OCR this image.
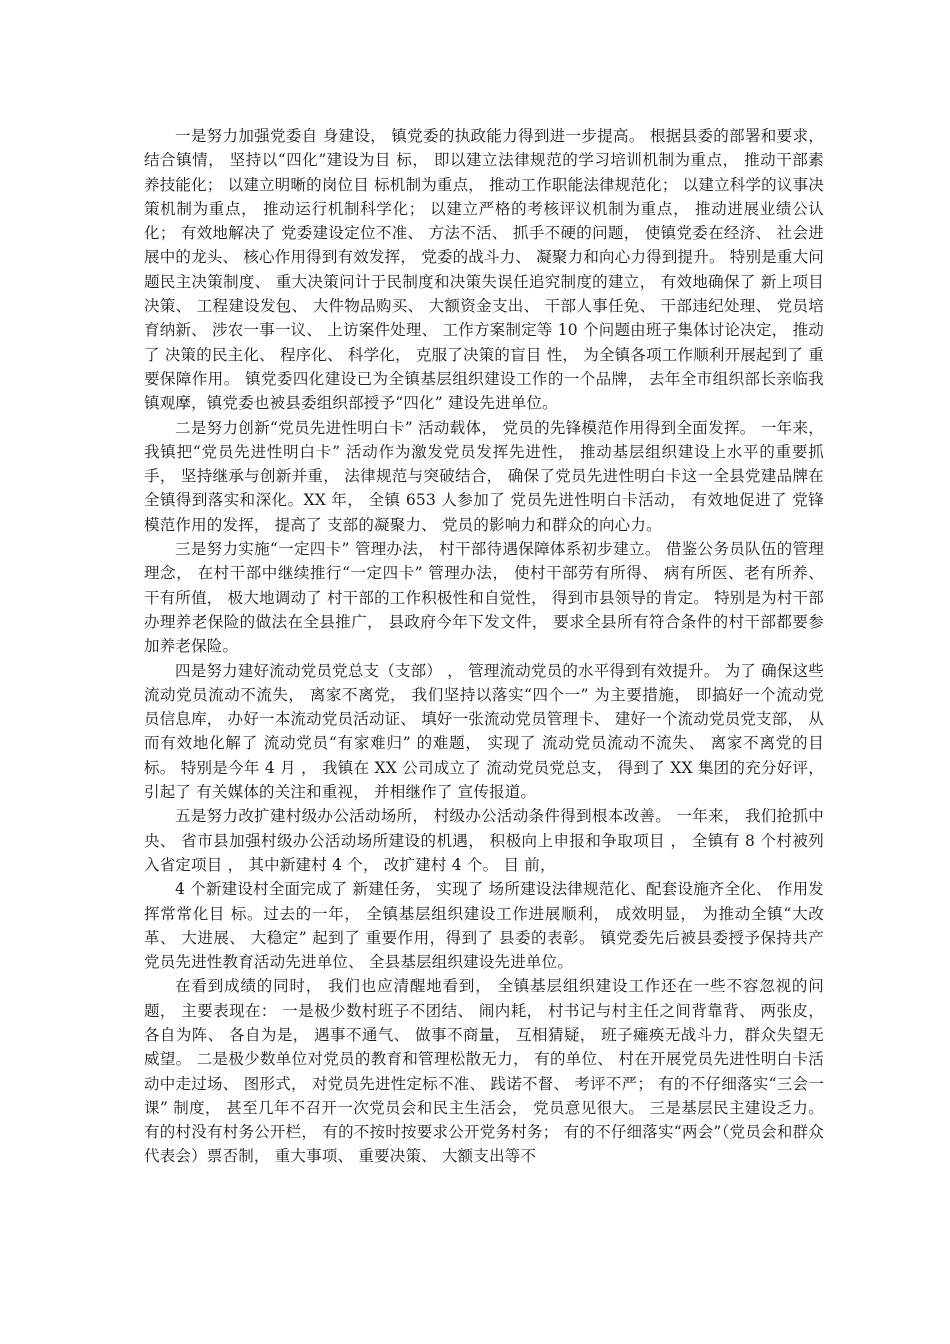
一是努力加强党委自 身建设， 镇党委的执政能力得到进一步提高。 根据县委的部署和要求， 结合镇情， 坚持以“四化”建设为目 标， 即以建立法律规范的学习培训机制为重点， 推动干部素养技能化； 以建立明晰的岗位目 标机制为重点， 推动工作职能法律规范化； 以建立科学的议事决策机制为重点， 推动运行机制科学化； 以建立严格的考核评议机制为重点， 推动进展业绩公认化； 有效地解决了 党委建设定位不准、 方法不活、 抓手不硬的问题， 使镇党委在经济、 社会进展中的龙头、 核心作用得到有效发挥， 党委的战斗力、 凝聚力和向心力得到提升。 特别是重大问题民主决策制度、 重大决策问计于民制度和决策失误任追究制度的建立， 有效地确保了 新上项目 决策、 工程建设发包、 大件物品购买、 大额资金支出、 干部人事任免、 干部违纪处理、 党员培育纳新、 涉农一事一议、 上访案件处理、 工作方案制定等 10 个问题由班子集体讨论决定， 推动了 决策的民主化、 程序化、 科学化， 克服了决策的盲目 性， 为全镇各项工作顺利开展起到了 重要保障作用。 镇党委四化建设已为全镇基层组织建设工作的一个品牌， 去年全市组织部长亲临我镇观摩，镇党委也被县委组织部授予“四化” 建设先进单位。

二是努力创新“党员先进性明白卡” 活动载体， 党员的先锋模范作用得到全面发挥。 一年来， 我镇把“党员先进性明白卡” 活动作为激发党员发挥先进性， 推动基层组织建设上水平的重要抓手， 坚持继承与创新并重， 法律规范与突破结合， 确保了党员先进性明白卡这一全县党建品牌在全镇得到落实和深化。XX 年， 全镇 653 人参加了 党员先进性明白卡活动， 有效地促进了 党锋模范作用的发挥， 提高了 支部的凝聚力、 党员的影响力和群众的向心力。

三是努力实施“一定四卡” 管理办法， 村干部待遇保障体系初步建立。 借鉴公务员队伍的管理理念， 在村干部中继续推行“一定四卡” 管理办法， 使村干部劳有所得、 病有所医、老有所养、 干有所值， 极大地调动了 村干部的工作积极性和自觉性， 得到市县领导的肯定。 特别是为村干部办理养老保险的做法在全县推广， 县政府今年下发文件， 要求全县所有符合条件的村干部都要参加养老保险。

四是努力建好流动党员党总支（支部） ， 管理流动党员的水平得到有效提升。 为了 确保这些流动党员流动不流失， 离家不离党， 我们坚持以落实“四个一” 为主要措施， 即搞好一个流动党员信息库， 办好一本流动党员活动证、 填好一张流动党员管理卡、 建好一个流动党员党支部， 从而有效地化解了 流动党员“有家难归” 的难题， 实现了 流动党员流动不流失、 离家不离党的目 标。 特别是今年 4 月 ， 我镇在 XX 公司成立了 流动党员党总支， 得到了 XX 集团的充分好评， 引起了 有关媒体的关注和重视， 并相继作了 宣传报道。

五是努力改扩建村级办公活动场所， 村级办公活动条件得到根本改善。 一年来， 我们抢抓中央、 省市县加强村级办公活动场所建设的机遇， 积极向上申报和争取项目 ， 全镇有 8 个村被列入省定项目 ， 其中新建村 4 个， 改扩建村 4 个。 目 前，

4 个新建设村全面完成了 新建任务， 实现了 场所建设法律规范化、配套设施齐全化、 作用发挥常常化目 标。过去的一年， 全镇基层组织建设工作进展顺利， 成效明显， 为推动全镇“大改革、 大进展、 大稳定” 起到了 重要作用，得到了 县委的表彰。 镇党委先后被县委授予保持共产党员先进性教育活动先进单位、 全县基层组织建设先进单位。

在看到成绩的同时， 我们也应清醒地看到， 全镇基层组织建设工作还在一些不容忽视的问题， 主要表现在： 一是极少数村班子不团结、 闹内耗， 村书记与村主任之间背靠背、 两张皮， 各自为阵、 各自为是， 遇事不通气、 做事不商量， 互相猜疑， 班子瘫痪无战斗力，群众失望无威望。 二是极少数单位对党员的教育和管理松散无力， 有的单位、 村在开展党员先进性明白卡活动中走过场、 图形式， 对党员先进性定标不准、 践诺不督、 考评不严； 有的不仔细落实“三会一课” 制度， 甚至几年不召开一次党员会和民主生活会， 党员意见很大。 三是基层民主建设乏力。 有的村没有村务公开栏， 有的不按时按要求公开党务村务； 有的不仔细落实“两会”（党员会和群众代表会）票否制， 重大事项、 重要决策、 大额支出等不
